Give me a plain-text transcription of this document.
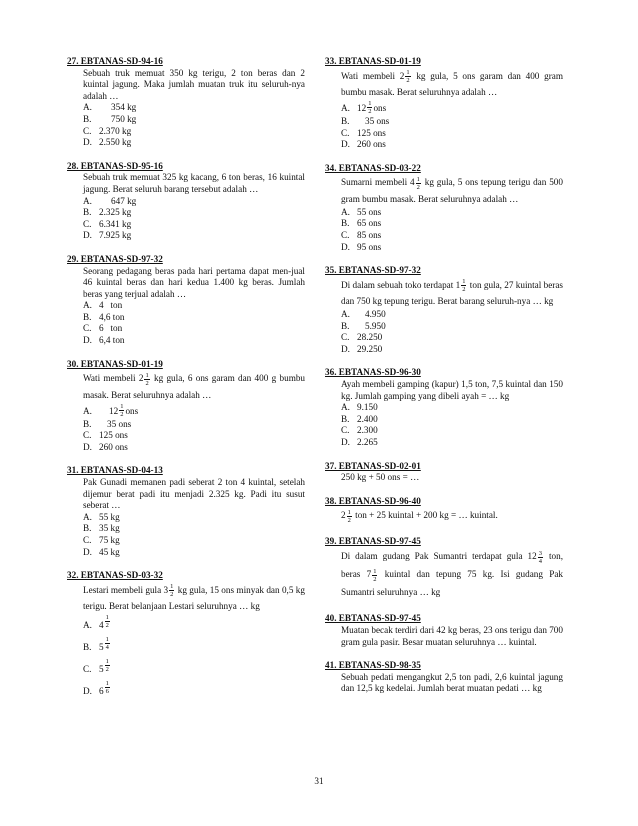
27. EBTANAS-SD-94-16
Sebuah truk memuat 350 kg terigu, 2 ton beras dan 2 kuintal jagung. Maka jumlah muatan truk itu seluruh-nya adalah …
A.	354 kg
B.	750 kg
C. 2.370 kg
D. 2.550 kg
28. EBTANAS-SD-95-16
Sebuah truk memuat 325 kg kacang, 6 ton beras, 16 kuintal jagung. Berat seluruh barang tersebut adalah …
A.	647 kg
B. 2.325 kg
C. 6.341 kg
D. 7.925 kg
29. EBTANAS-SD-97-32
Seorang pedagang beras pada hari pertama dapat men-jual 46 kuintal beras dan hari kedua 1.400 kg beras. Jumlah beras yang terjual adalah …
A. 4   ton
B. 4,6 ton
C. 6   ton
D. 6,4 ton
30. EBTANAS-SD-01-19
Wati membeli $2 \frac{1}{2}$ kg gula, 6 ons garam dan 400 g bumbu masak. Berat seluruhnya adalah …
A.	$12 \frac{1}{2}$ ons
B.	35 ons
C. 125 ons
D. 260 ons
31. EBTANAS-SD-04-13
Pak Gunadi memanen padi seberat 2 ton 4 kuintal, setelah dijemur berat padi itu menjadi 2.325 kg. Padi itu susut seberat …
A. 55 kg
B. 35 kg
C. 75 kg
D. 45 kg
32. EBTANAS-SD-03-32
Lestari membeli gula $3 \frac{1}{2}$ kg gula, 15 ons minyak dan 0,5 kg terigu. Berat belanjaan Lestari seluruhnya … kg
A. $4 \frac{1}{2}$
B. $5 \frac{1}{4}$
C. $5 \frac{1}{2}$
D. $6 \frac{1}{6}$
33. EBTANAS-SD-01-19
Wati membeli $2 \frac{1}{2}$ kg gula, 5 ons garam dan 400 gram bumbu masak. Berat seluruhnya adalah …
A. $12 \frac{1}{2}$ ons
B.	35 ons
C. 125 ons
D. 260 ons
34. EBTANAS-SD-03-22
Sumarni membeli $4 \frac{1}{2}$ kg gula, 5 ons tepung terigu dan 500 gram bumbu masak. Berat seluruhnya adalah …
A. 55 ons
B. 65 ons
C. 85 ons
D. 95 ons
35. EBTANAS-SD-97-32
Di dalam sebuah toko terdapat $1 \frac{1}{2}$ ton gula, 27 kuintal beras dan 750 kg tepung terigu. Berat barang seluruh-nya … kg
A.	4.950
B.	5.950
C. 28.250
D. 29.250
36. EBTANAS-SD-96-30
Ayah membeli gamping (kapur) 1,5 ton, 7,5 kuintal dan 150 kg. Jumlah gamping yang dibeli ayah = … kg
A. 9.150
B. 2.400
C. 2.300
D. 2.265
37. EBTANAS-SD-02-01
250 kg + 50 ons = …
38. EBTANAS-SD-96-40
$2 \frac{1}{2}$ ton + 25 kuintal + 200 kg = … kuintal.
39. EBTANAS-SD-97-45
Di dalam gudang Pak Sumantri terdapat gula $12 \frac{3}{4}$ ton, beras $7 \frac{1}{2}$ kuintal dan tepung 75 kg. Isi gudang Pak Sumantri seluruhnya … kg
40. EBTANAS-SD-97-45
Muatan becak terdiri dari 42 kg beras, 23 ons terigu dan 700 gram gula pasir. Besar muatan seluruhnya … kuintal.
41. EBTANAS-SD-98-35
Sebuah pedati mengangkut 2,5 ton padi, 2,6 kuintal jagung dan 12,5 kg kedelai. Jumlah berat muatan pedati … kg
31
